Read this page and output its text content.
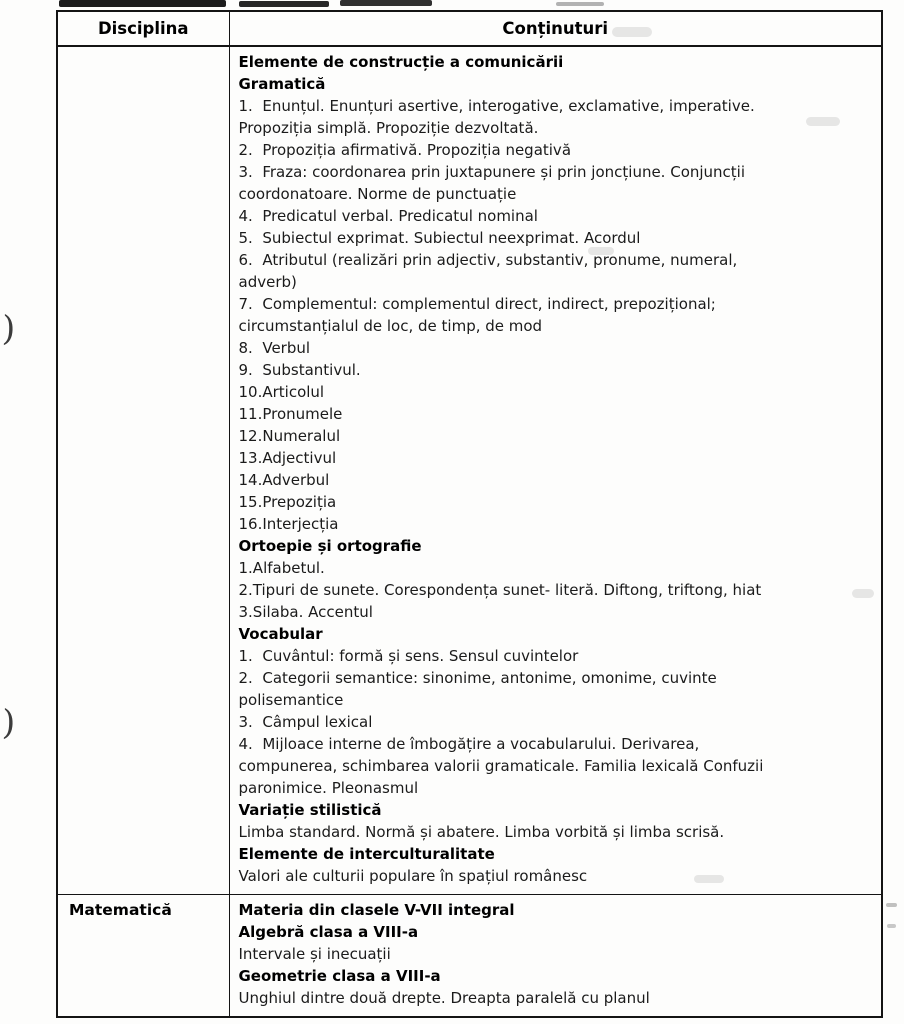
)
)
Disciplina	Conținuturi

Elemente de construcție a comunicării
Gramatică
1.  Enunțul. Enunțuri asertive, interogative, exclamative, imperative.
Propoziția simplă. Propoziție dezvoltată.
2.  Propoziția afirmativă. Propoziția negativă
3.  Fraza: coordonarea prin juxtapunere și prin joncțiune. Conjuncții
coordonatoare. Norme de punctuație
4.  Predicatul verbal. Predicatul nominal
5.  Subiectul exprimat. Subiectul neexprimat. Acordul
6.  Atributul (realizări prin adjectiv, substantiv, pronume, numeral,
adverb)
7.  Complementul: complementul direct, indirect, prepozițional;
circumstanțialul de loc, de timp, de mod
8.  Verbul
9.  Substantivul.
10.Articolul
11.Pronumele
12.Numeralul
13.Adjectivul
14.Adverbul
15.Prepoziția
16.Interjecția
Ortoepie și ortografie
1.Alfabetul.
2.Tipuri de sunete. Corespondența sunet- literă. Diftong, triftong, hiat
3.Silaba. Accentul
Vocabular
1.  Cuvântul: formă și sens. Sensul cuvintelor
2.  Categorii semantice: sinonime, antonime, omonime, cuvinte
polisemantice
3.  Câmpul lexical
4.  Mijloace interne de îmbogățire a vocabularului. Derivarea,
compunerea, schimbarea valorii gramaticale. Familia lexicală Confuzii
paronimice. Pleonasmul
Variație stilistică
Limba standard. Normă și abatere. Limba vorbită și limba scrisă.
Elemente de interculturalitate
Valori ale culturii populare în spațiul românesc

Matematică	Materia din clasele V-VII integral
Algebră clasa a VIII-a
Intervale și inecuații
Geometrie clasa a VIII-a
Unghiul dintre două drepte. Dreapta paralelă cu planul
